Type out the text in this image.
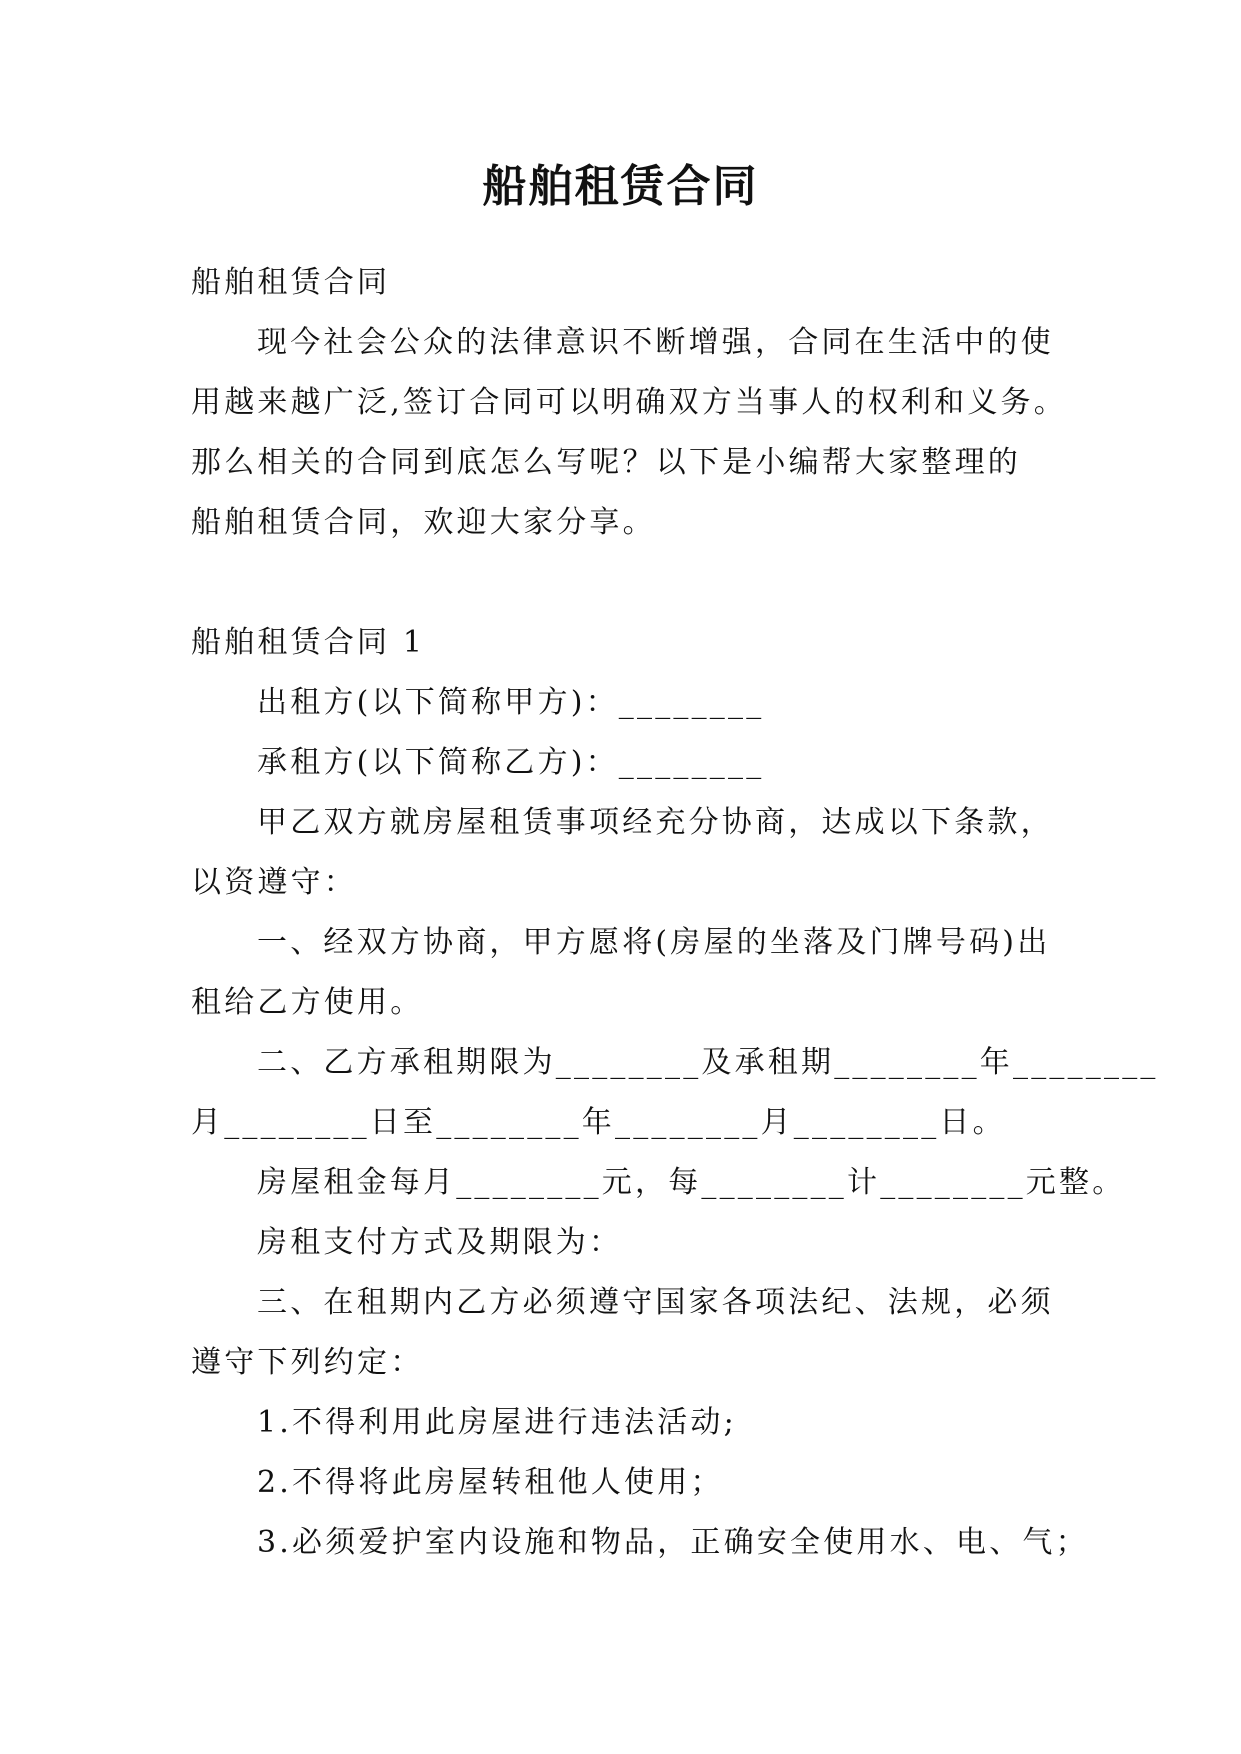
船舶租赁合同
船舶租赁合同
现今社会公众的法律意识不断增强，合同在生活中的使
用越来越广泛,签订合同可以明确双方当事人的权利和义务。
那么相关的合同到底怎么写呢？以下是小编帮大家整理的
船舶租赁合同，欢迎大家分享。
船舶租赁合同 1
出租方(以下简称甲方)：________
承租方(以下简称乙方)：________
甲乙双方就房屋租赁事项经充分协商，达成以下条款，
以资遵守：
一、经双方协商，甲方愿将(房屋的坐落及门牌号码)出
租给乙方使用。
二、乙方承租期限为________及承租期________年________
月________日至________年________月________日。
房屋租金每月________元，每________计________元整。
房租支付方式及期限为：
三、在租期内乙方必须遵守国家各项法纪、法规，必须
遵守下列约定：
1.不得利用此房屋进行违法活动;
2.不得将此房屋转租他人使用；
3.必须爱护室内设施和物品，正确安全使用水、电、气；
